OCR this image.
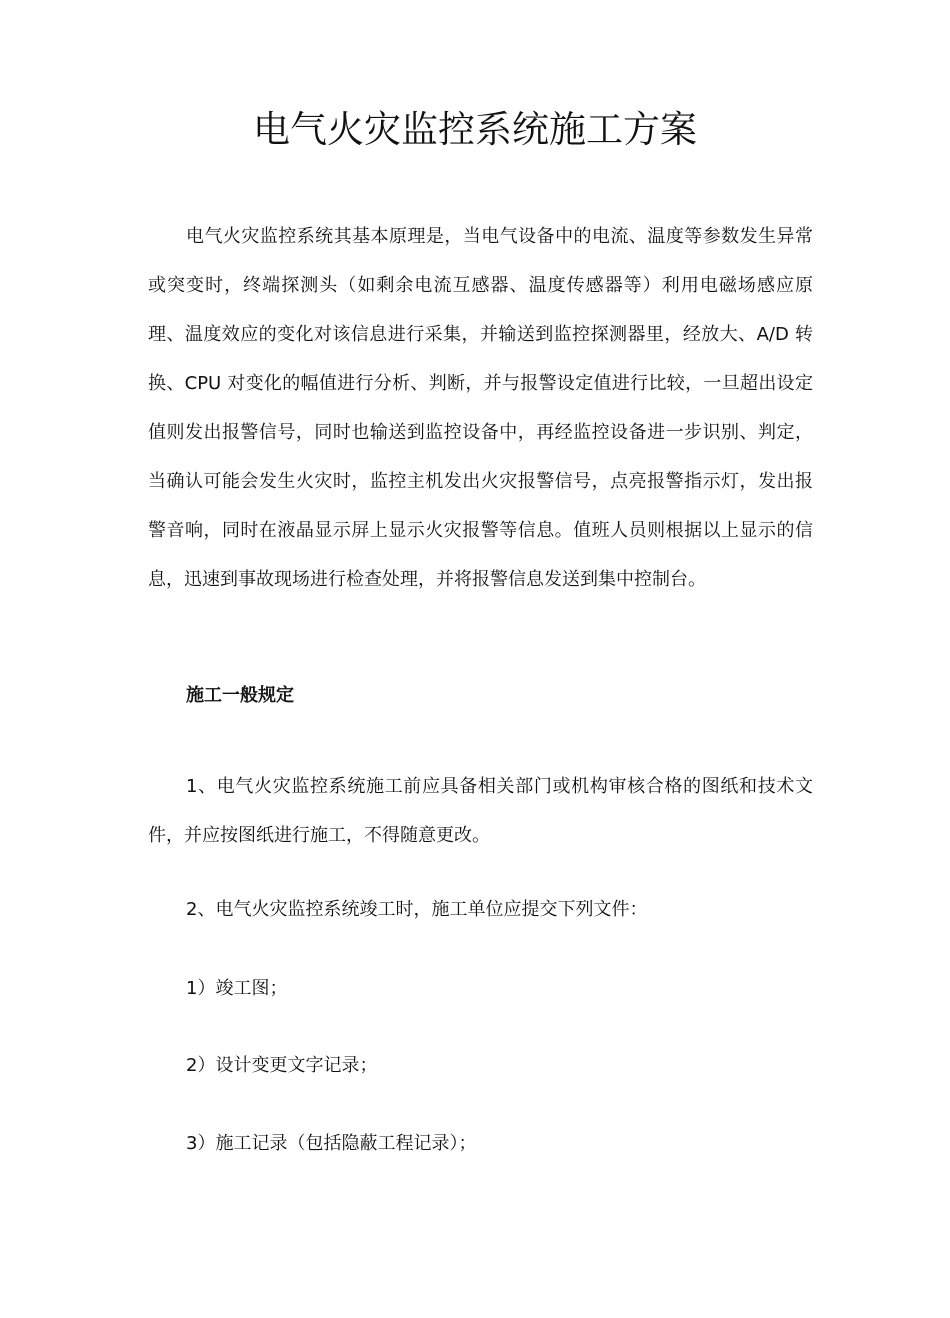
电气火灾监控系统施工方案

电气火灾监控系统其基本原理是，当电气设备中的电流、温度等参数发生异常或突变时，终端探测头（如剩余电流互感器、温度传感器等）利用电磁场感应原理、温度效应的变化对该信息进行采集，并输送到监控探测器里，经放大、A/D 转换、CPU 对变化的幅值进行分析、判断，并与报警设定值进行比较，一旦超出设定值则发出报警信号，同时也输送到监控设备中，再经监控设备进一步识别、判定，当确认可能会发生火灾时，监控主机发出火灾报警信号，点亮报警指示灯，发出报警音响，同时在液晶显示屏上显示火灾报警等信息。值班人员则根据以上显示的信息，迅速到事故现场进行检查处理，并将报警信息发送到集中控制台。

施工一般规定

1、电气火灾监控系统施工前应具备相关部门或机构审核合格的图纸和技术文件，并应按图纸进行施工，不得随意更改。

2、电气火灾监控系统竣工时，施工单位应提交下列文件：

1）竣工图；

2）设计变更文字记录；

3）施工记录（包括隐蔽工程记录）；
